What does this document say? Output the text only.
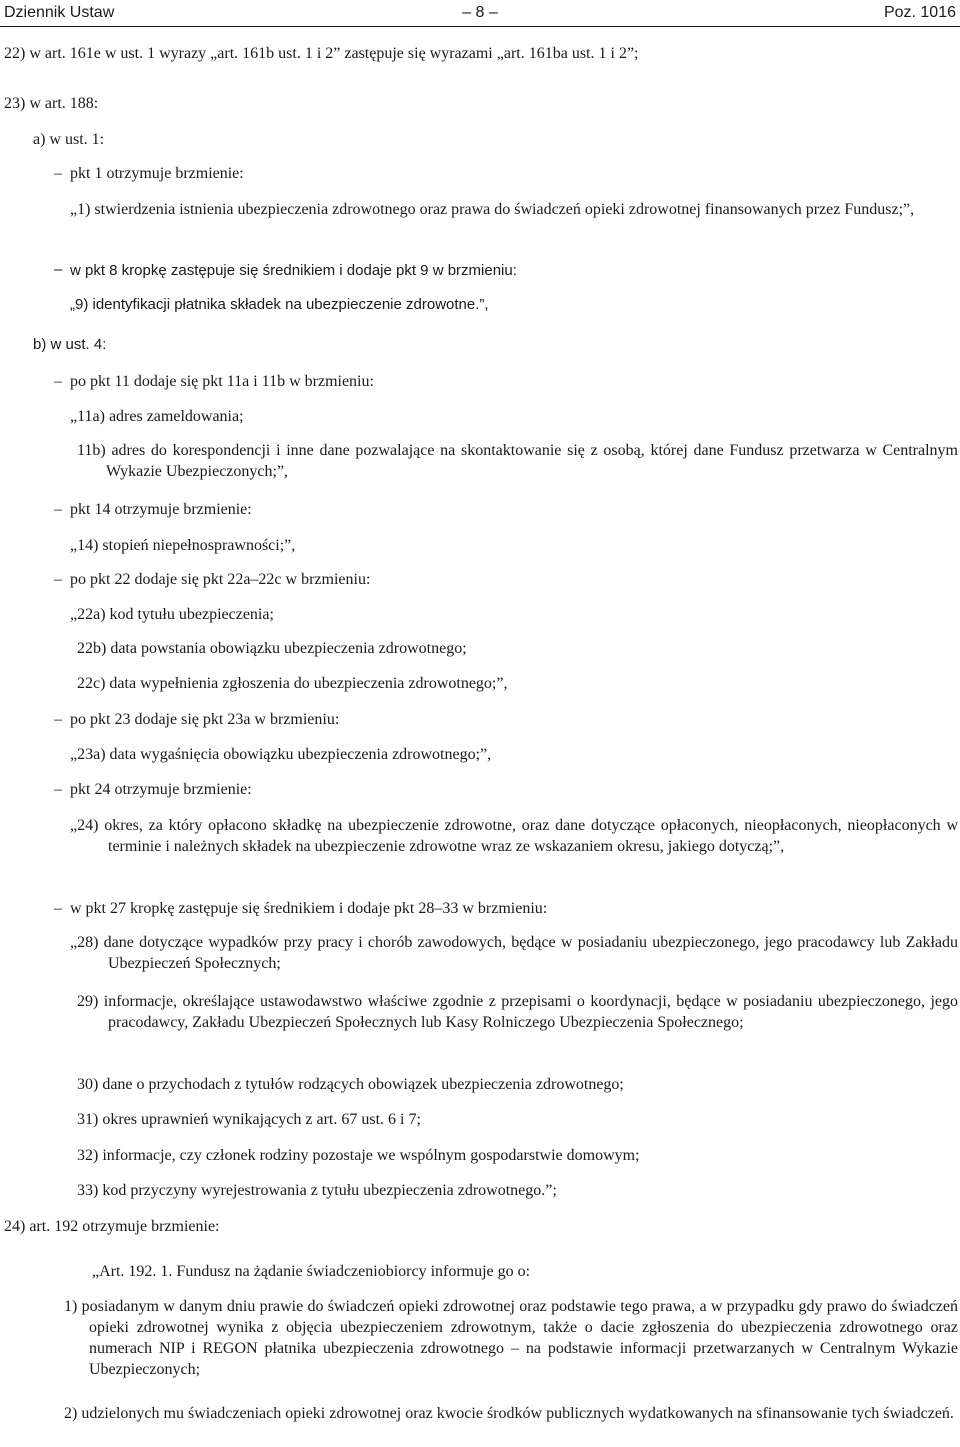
Dziennik Ustaw	– 8 –	Poz. 1016
22) w art. 161e w ust. 1 wyrazy „art. 161b ust. 1 i 2” zastępuje się wyrazami „art. 161ba ust. 1 i 2”;
23) w art. 188:
a) w ust. 1:
– pkt 1 otrzymuje brzmienie:
„1) stwierdzenia istnienia ubezpieczenia zdrowotnego oraz prawa do świadczeń opieki zdrowotnej finansowanych przez Fundusz;”,
– w pkt 8 kropkę zastępuje się średnikiem i dodaje pkt 9 w brzmieniu:
„9) identyfikacji płatnika składek na ubezpieczenie zdrowotne.”,
b) w ust. 4:
– po pkt 11 dodaje się pkt 11a i 11b w brzmieniu:
„11a) adres zameldowania;
11b) adres do korespondencji i inne dane pozwalające na skontaktowanie się z osobą, której dane Fundusz przetwarza w Centralnym Wykazie Ubezpieczonych;”,
– pkt 14 otrzymuje brzmienie:
„14) stopień niepełnosprawności;”,
– po pkt 22 dodaje się pkt 22a–22c w brzmieniu:
„22a) kod tytułu ubezpieczenia;
22b) data powstania obowiązku ubezpieczenia zdrowotnego;
22c) data wypełnienia zgłoszenia do ubezpieczenia zdrowotnego;”,
– po pkt 23 dodaje się pkt 23a w brzmieniu:
„23a) data wygaśnięcia obowiązku ubezpieczenia zdrowotnego;”,
– pkt 24 otrzymuje brzmienie:
„24) okres, za który opłacono składkę na ubezpieczenie zdrowotne, oraz dane dotyczące opłaconych, nieopłaconych, nieopłaconych w terminie i należnych składek na ubezpieczenie zdrowotne wraz ze wskazaniem okresu, jakiego dotyczą;”,
– w pkt 27 kropkę zastępuje się średnikiem i dodaje pkt 28–33 w brzmieniu:
„28) dane dotyczące wypadków przy pracy i chorób zawodowych, będące w posiadaniu ubezpieczonego, jego pracodawcy lub Zakładu Ubezpieczeń Społecznych;
29) informacje, określające ustawodawstwo właściwe zgodnie z przepisami o koordynacji, będące w posiadaniu ubezpieczonego, jego pracodawcy, Zakładu Ubezpieczeń Społecznych lub Kasy Rolniczego Ubezpieczenia Społecznego;
30) dane o przychodach z tytułów rodzących obowiązek ubezpieczenia zdrowotnego;
31) okres uprawnień wynikających z art. 67 ust. 6 i 7;
32) informacje, czy członek rodziny pozostaje we wspólnym gospodarstwie domowym;
33) kod przyczyny wyrejestrowania z tytułu ubezpieczenia zdrowotnego.”;
24) art. 192 otrzymuje brzmienie:
„Art. 192. 1. Fundusz na żądanie świadczeniobiorcy informuje go o:
1) posiadanym w danym dniu prawie do świadczeń opieki zdrowotnej oraz podstawie tego prawa, a w przypadku gdy prawo do świadczeń opieki zdrowotnej wynika z objęcia ubezpieczeniem zdrowotnym, także o dacie zgłoszenia do ubezpieczenia zdrowotnego oraz numerach NIP i REGON płatnika ubezpieczenia zdrowotnego – na podstawie informacji przetwarzanych w Centralnym Wykazie Ubezpieczonych;
2) udzielonych mu świadczeniach opieki zdrowotnej oraz kwocie środków publicznych wydatkowanych na sfinansowanie tych świadczeń.
